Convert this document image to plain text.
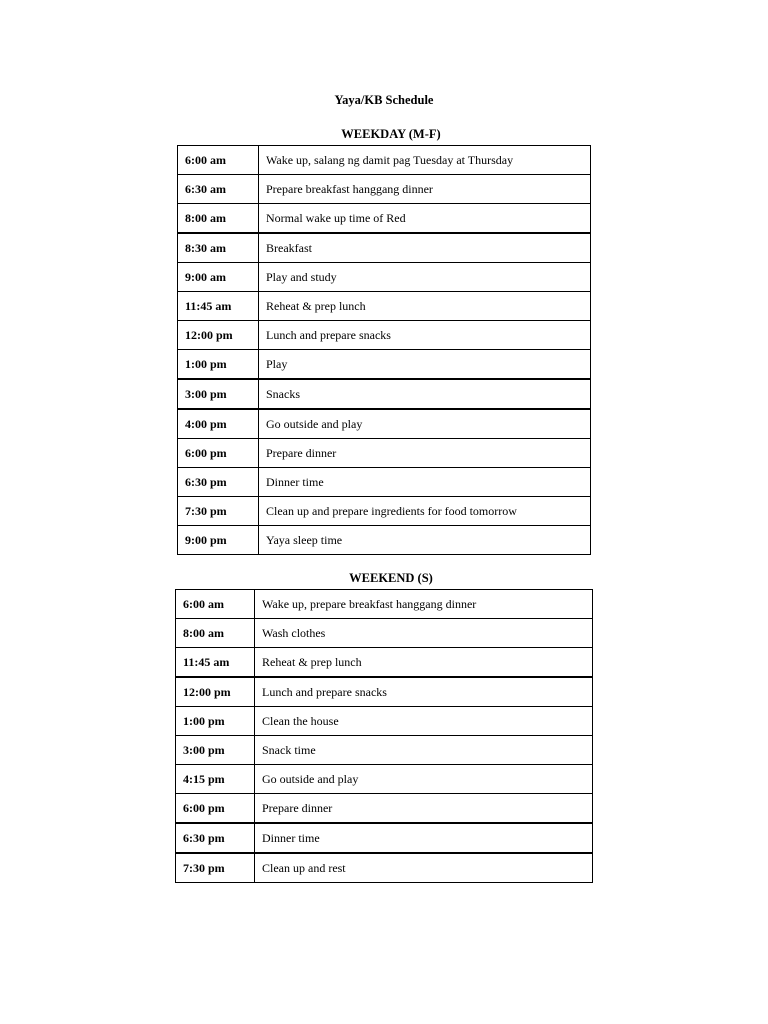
Yaya/KB Schedule
WEEKDAY (M-F)
6:00 am	Wake up, salang ng damit pag Tuesday at Thursday
6:30 am	Prepare breakfast hanggang dinner
8:00 am	Normal wake up time of Red
8:30 am	Breakfast
9:00 am	Play and study
11:45 am	Reheat & prep lunch
12:00 pm	Lunch and prepare snacks
1:00 pm	Play
3:00 pm	Snacks
4:00 pm	Go outside and play
6:00 pm	Prepare dinner
6:30 pm	Dinner time
7:30 pm	Clean up and prepare ingredients for food tomorrow
9:00 pm	Yaya sleep time
WEEKEND (S)
6:00 am	Wake up, prepare breakfast hanggang dinner
8:00 am	Wash clothes
11:45 am	Reheat & prep lunch
12:00 pm	Lunch and prepare snacks
1:00 pm	Clean the house
3:00 pm	Snack time
4:15 pm	Go outside and play
6:00 pm	Prepare dinner
6:30 pm	Dinner time
7:30 pm	Clean up and rest
